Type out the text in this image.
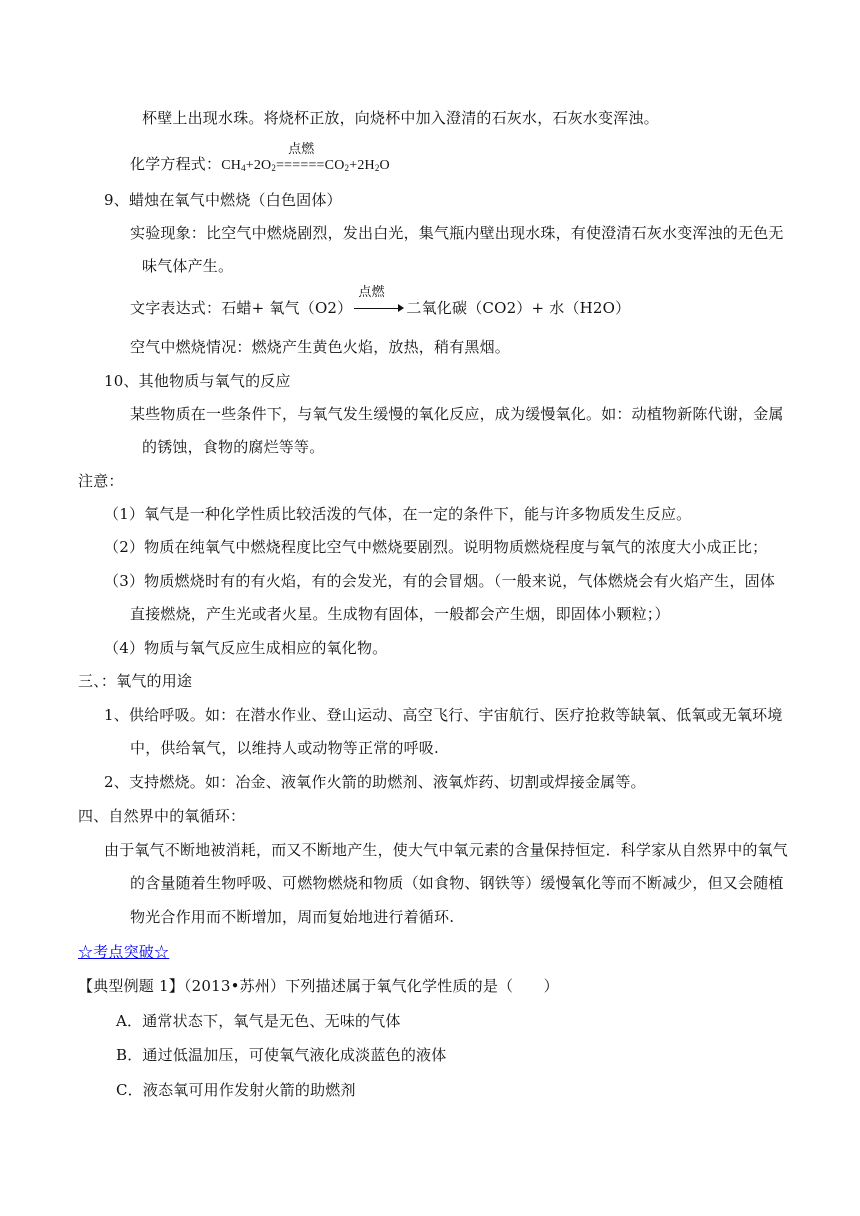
杯壁上出现水珠。将烧杯正放，向烧杯中加入澄清的石灰水，石灰水变浑浊。
化学方程式：$CH_4+2O_2$
点燃
$======CO_2+2H_2O$
9、蜡烛在氧气中燃烧（白色固体）
实验现象：比空气中燃烧剧烈，发出白光，集气瓶内壁出现水珠，有使澄清石灰水变浑浊的无色无
味气体产生。
文字表达式：石蜡+ 氧气（O2）
点燃
二氧化碳（CO2）+ 水（H2O）
空气中燃烧情况：燃烧产生黄色火焰，放热，稍有黑烟。
10、其他物质与氧气的反应
某些物质在一些条件下，与氧气发生缓慢的氧化反应，成为缓慢氧化。如：动植物新陈代谢，金属
的锈蚀，食物的腐烂等等。
注意：
（1）氧气是一种化学性质比较活泼的气体，在一定的条件下，能与许多物质发生反应。
（2）物质在纯氧气中燃烧程度比空气中燃烧要剧烈。说明物质燃烧程度与氧气的浓度大小成正比；
（3）物质燃烧时有的有火焰，有的会发光，有的会冒烟。（一般来说，气体燃烧会有火焰产生，固体
直接燃烧，产生光或者火星。生成物有固体，一般都会产生烟，即固体小颗粒；）
（4）物质与氧气反应生成相应的氧化物。
三、：氧气的用途
1、供给呼吸。如：在潜水作业、登山运动、高空飞行、宇宙航行、医疗抢救等缺氧、低氧或无氧环境
中，供给氧气，以维持人或动物等正常的呼吸.
2、支持燃烧。如：冶金、液氧作火箭的助燃剂、液氧炸药、切割或焊接金属等。
四、自然界中的氧循环：
由于氧气不断地被消耗，而又不断地产生，使大气中氧元素的含量保持恒定．科学家从自然界中的氧气
的含量随着生物呼吸、可燃物燃烧和物质（如食物、钢铁等）缓慢氧化等而不断减少，但又会随植
物光合作用而不断增加，周而复始地进行着循环.
☆考点突破☆
【典型例题 1】（2013•苏州）下列描述属于氧气化学性质的是（　　）
A．通常状态下，氧气是无色、无味的气体
B．通过低温加压，可使氧气液化成淡蓝色的液体
C．液态氧可用作发射火箭的助燃剂
